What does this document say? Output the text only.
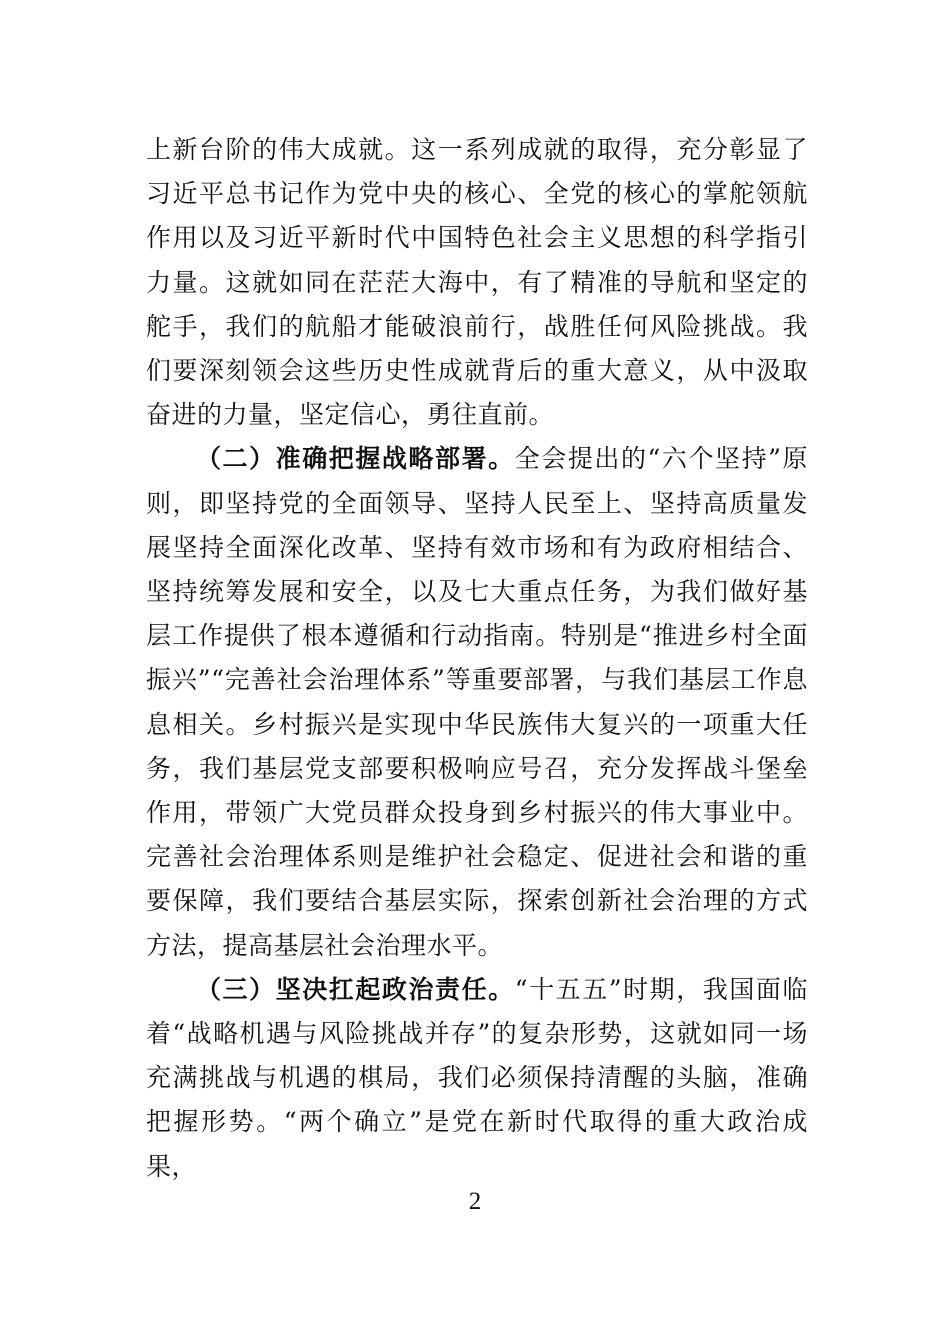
上新台阶的伟大成就。这一系列成就的取得，充分彰显了习近平总书记作为党中央的核心、全党的核心的掌舵领航作用以及习近平新时代中国特色社会主义思想的科学指引力量。这就如同在茫茫大海中，有了精准的导航和坚定的舵手，我们的航船才能破浪前行，战胜任何风险挑战。我们要深刻领会这些历史性成就背后的重大意义，从中汲取奋进的力量，坚定信心，勇往直前。

（二）准确把握战略部署。全会提出的“六个坚持”原则，即坚持党的全面领导、坚持人民至上、坚持高质量发展坚持全面深化改革、坚持有效市场和有为政府相结合、坚持统筹发展和安全，以及七大重点任务，为我们做好基层工作提供了根本遵循和行动指南。特别是“推进乡村全面振兴”“完善社会治理体系”等重要部署，与我们基层工作息息相关。乡村振兴是实现中华民族伟大复兴的一项重大任务，我们基层党支部要积极响应号召，充分发挥战斗堡垒作用，带领广大党员群众投身到乡村振兴的伟大事业中。完善社会治理体系则是维护社会稳定、促进社会和谐的重要保障，我们要结合基层实际，探索创新社会治理的方式方法，提高基层社会治理水平。

（三）坚决扛起政治责任。“十五五”时期，我国面临着“战略机遇与风险挑战并存”的复杂形势，这就如同一场充满挑战与机遇的棋局，我们必须保持清醒的头脑，准确把握形势。“两个确立”是党在新时代取得的重大政治成果，

2
